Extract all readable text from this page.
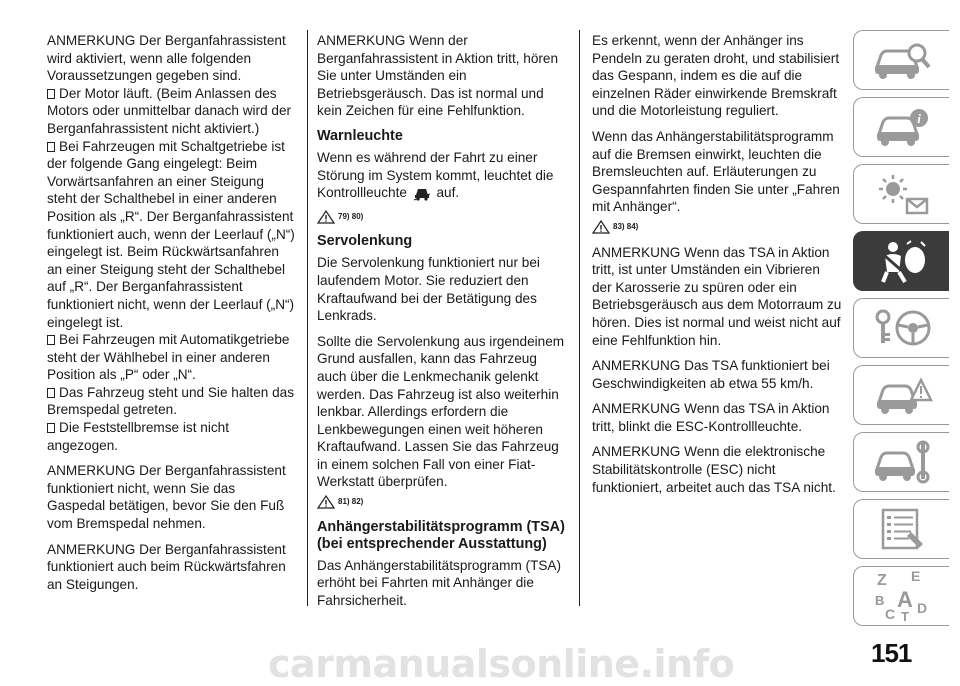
ANMERKUNG Der Berganfahrassistent wird aktiviert, wenn alle folgenden Voraussetzungen gegeben sind.

Der Motor läuft. (Beim Anlassen des Motors oder unmittelbar danach wird der Berganfahrassistent nicht aktiviert.)

Bei Fahrzeugen mit Schaltgetriebe ist der folgende Gang eingelegt: Beim Vorwärtsanfahren an einer Steigung steht der Schalthebel in einer anderen Position als „R“. Der Berganfahrassistent funktioniert auch, wenn der Leerlauf („N“) eingelegt ist. Beim Rückwärtsanfahren an einer Steigung steht der Schalthebel auf „R“. Der Berganfahrassistent funktioniert nicht, wenn der Leerlauf („N“) eingelegt ist.

Bei Fahrzeugen mit Automatikgetriebe steht der Wählhebel in einer anderen Position als „P“ oder „N“.

Das Fahrzeug steht und Sie halten das Bremspedal getreten.

Die Feststellbremse ist nicht angezogen.

ANMERKUNG Der Berganfahrassistent funktioniert nicht, wenn Sie das Gaspedal betätigen, bevor Sie den Fuß vom Bremspedal nehmen.

ANMERKUNG Der Berganfahrassistent funktioniert auch beim Rückwärtsfahren an Steigungen.

ANMERKUNG Wenn der Berganfahrassistent in Aktion tritt, hören Sie unter Umständen ein Betriebsgeräusch. Das ist normal und kein Zeichen für eine Fehlfunktion.

Warnleuchte

Wenn es während der Fahrt zu einer Störung im System kommt, leuchtet die Kontrollleuchte auf.

79) 80)
Servolenkung

Die Servolenkung funktioniert nur bei laufendem Motor. Sie reduziert den Kraftaufwand bei der Betätigung des Lenkrads.

Sollte die Servolenkung aus irgendeinem Grund ausfallen, kann das Fahrzeug auch über die Lenkmechanik gelenkt werden. Das Fahrzeug ist also weiterhin lenkbar. Allerdings erfordern die Lenkbewegungen einen weit höheren Kraftaufwand. Lassen Sie das Fahrzeug in einem solchen Fall von einer Fiat-Werkstatt überprüfen.

81) 82)
Anhängerstabilitätsprogramm (TSA) (bei entsprechender Ausstattung)

Das Anhängerstabilitätsprogramm (TSA) erhöht bei Fahrten mit Anhänger die Fahrsicherheit.

Es erkennt, wenn der Anhänger ins Pendeln zu geraten droht, und stabilisiert das Gespann, indem es die auf die einzelnen Räder einwirkende Bremskraft und die Motorleistung reguliert.

Wenn das Anhängerstabilitätsprogramm auf die Bremsen einwirkt, leuchten die Bremsleuchten auf. Erläuterungen zu Gespannfahrten finden Sie unter „Fahren mit Anhänger“.

83) 84)

ANMERKUNG Wenn das TSA in Aktion tritt, ist unter Umständen ein Vibrieren der Karosserie zu spüren oder ein Betriebsgeräusch aus dem Motorraum zu hören. Dies ist normal und weist nicht auf eine Fehlfunktion hin.

ANMERKUNG Das TSA funktioniert bei Geschwindigkeiten ab etwa 55 km/h.

ANMERKUNG Wenn das TSA in Aktion tritt, blinkt die ESC-Kontrollleuchte.

ANMERKUNG Wenn die elektronische Stabilitätskontrolle (ESC) nicht funktioniert, arbeitet auch das TSA nicht.

i
Z E
B A
C T
D
carmanualsonline.info	151
